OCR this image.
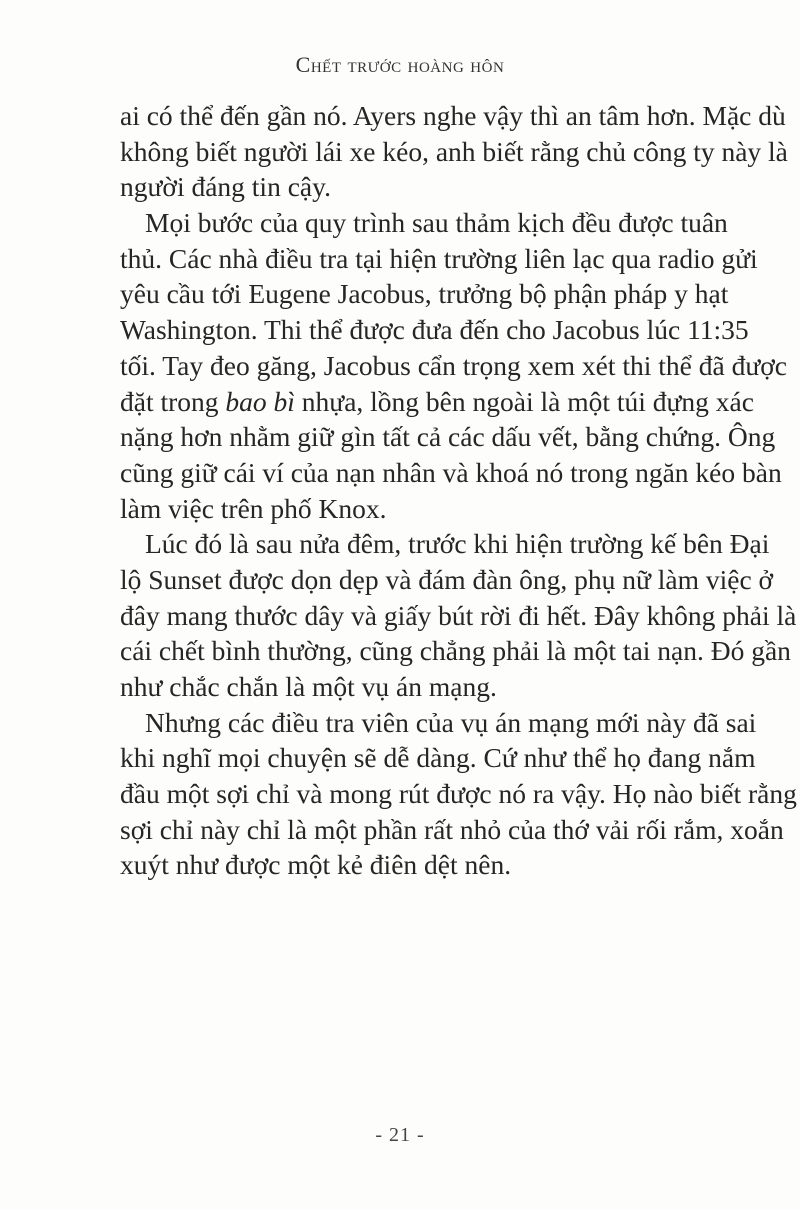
Chết trước hoàng hôn
ai có thể đến gần nó. Ayers nghe vậy thì an tâm hơn. Mặc dù
không biết người lái xe kéo, anh biết rằng chủ công ty này là
người đáng tin cậy.
Mọi bước của quy trình sau thảm kịch đều được tuân
thủ. Các nhà điều tra tại hiện trường liên lạc qua radio gửi
yêu cầu tới Eugene Jacobus, trưởng bộ phận pháp y hạt
Washington. Thi thể được đưa đến cho Jacobus lúc 11:35
tối. Tay đeo găng, Jacobus cẩn trọng xem xét thi thể đã được
đặt trong bao bì nhựa, lồng bên ngoài là một túi đựng xác
nặng hơn nhằm giữ gìn tất cả các dấu vết, bằng chứng. Ông
cũng giữ cái ví của nạn nhân và khoá nó trong ngăn kéo bàn
làm việc trên phố Knox.
Lúc đó là sau nửa đêm, trước khi hiện trường kế bên Đại
lộ Sunset được dọn dẹp và đám đàn ông, phụ nữ làm việc ở
đây mang thước dây và giấy bút rời đi hết. Đây không phải là
cái chết bình thường, cũng chẳng phải là một tai nạn. Đó gần
như chắc chắn là một vụ án mạng.
Nhưng các điều tra viên của vụ án mạng mới này đã sai
khi nghĩ mọi chuyện sẽ dễ dàng. Cứ như thể họ đang nắm
đầu một sợi chỉ và mong rút được nó ra vậy. Họ nào biết rằng
sợi chỉ này chỉ là một phần rất nhỏ của thớ vải rối rắm, xoắn
xuýt như được một kẻ điên dệt nên.
- 21 -
